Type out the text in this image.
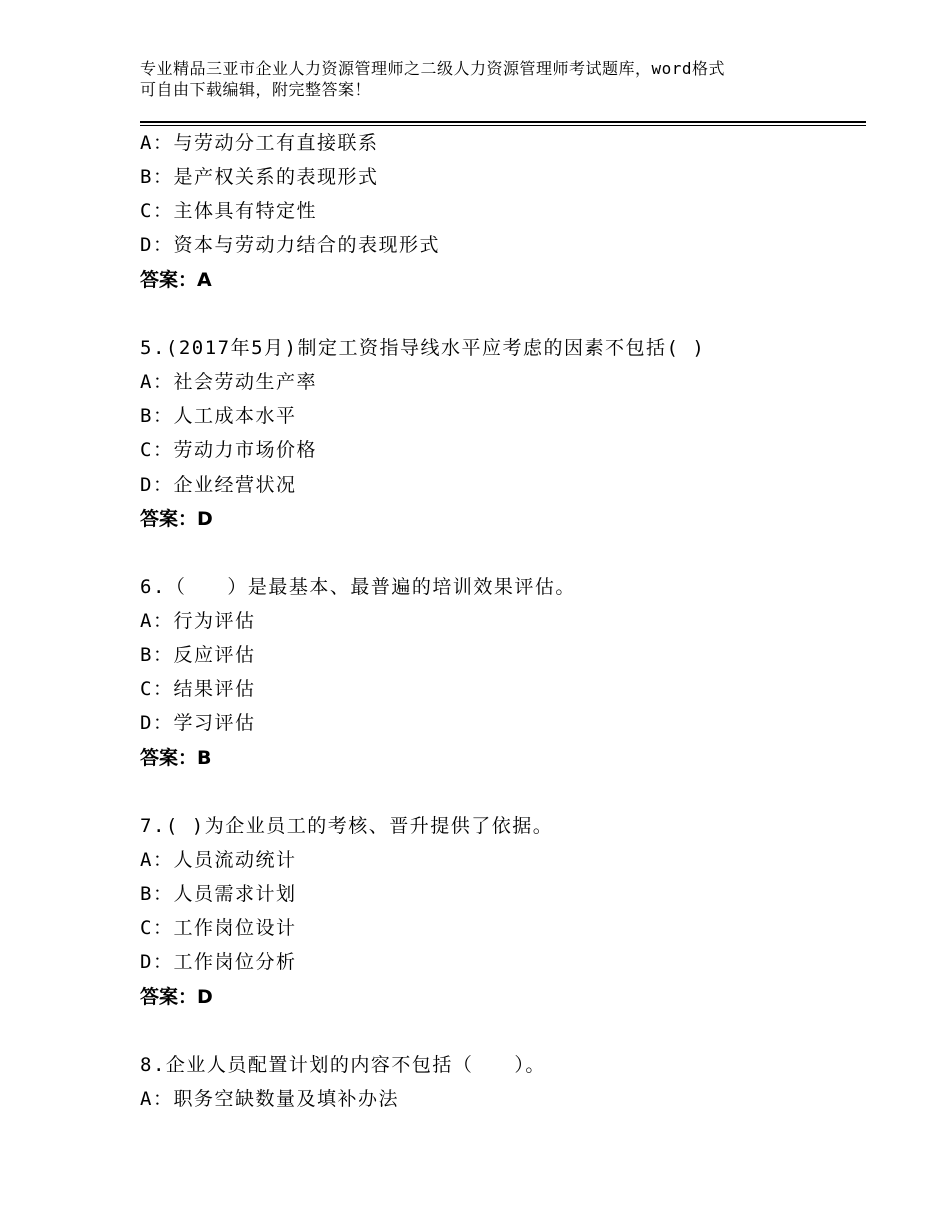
专业精品三亚市企业人力资源管理师之二级人力资源管理师考试题库，word格式
可自由下载编辑，附完整答案！
A：与劳动分工有直接联系
B：是产权关系的表现形式
C：主体具有特定性
D：资本与劳动力结合的表现形式
答案：A
5.(2017年5月)制定工资指导线水平应考虑的因素不包括( )
A：社会劳动生产率
B：人工成本水平
C：劳动力市场价格
D：企业经营状况
答案：D
6.（　　）是最基本、最普遍的培训效果评估。
A：行为评估
B：反应评估
C：结果评估
D：学习评估
答案：B
7.( )为企业员工的考核、晋升提供了依据。
A：人员流动统计
B：人员需求计划
C：工作岗位设计
D：工作岗位分析
答案：D
8.企业人员配置计划的内容不包括（　　）。
A：职务空缺数量及填补办法
